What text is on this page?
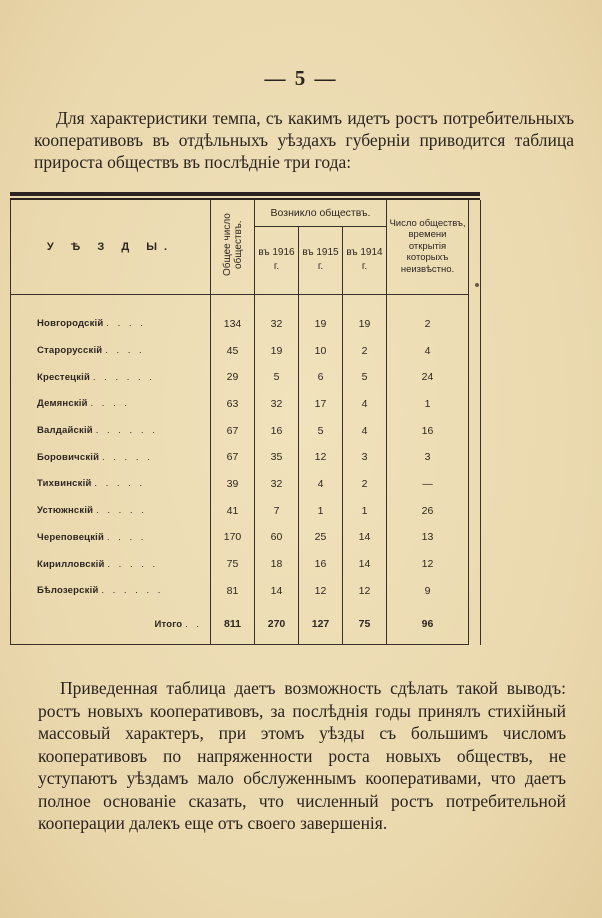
— 5 —

Для характеристики темпа, съ какимъ идетъ ростъ потребительныхъ кооперативовъ въ отдѣльныхъ уѣздахъ губерніи приводится таблица прироста обществъ въ послѣдніе три года:

У Ѣ З Д Ы.	Общее число обществъ.	Возникло обществъ.			Число обществъ, времени открытія которыхъ неизвѣстно.	
		въ 1916 г.	въ 1915 г.	въ 1914 г.		

Новгородскій . . . .	134	32	19	19	2	
Старорусскій . . . .	45	19	10	2	4	
Крестецкій . . . . . .	29	5	6	5	24	
Демянскій . . . .	63	32	17	4	1	
Валдайскій . . . . . .	67	16	5	4	16	
Боровичскій . . . . .	67	35	12	3	3	
Тихвинскій . . . . .	39	32	4	2	—	
Устюжнскій . . . . .	41	7	1	1	26	
Череповецкій . . . .	170	60	25	14	13	
Кирилловскій . . . . .	75	18	16	14	12	
Бѣлозерскій . . . . . .	81	14	12	12	9	
Итого . .	811	270	127	75	96	

Приведенная таблица даетъ возможность сдѣлать такой выводъ: ростъ новыхъ кооперативовъ, за послѣднія годы принялъ стихійный массовый характеръ, при этомъ уѣзды съ большимъ числомъ кооперативовъ по напряженности роста новыхъ обществъ, не уступаютъ уѣздамъ мало обслуженнымъ кооперативами, что даетъ полное основаніе сказать, что численный ростъ потребительной кооперации далекъ еще отъ своего завершенія.
